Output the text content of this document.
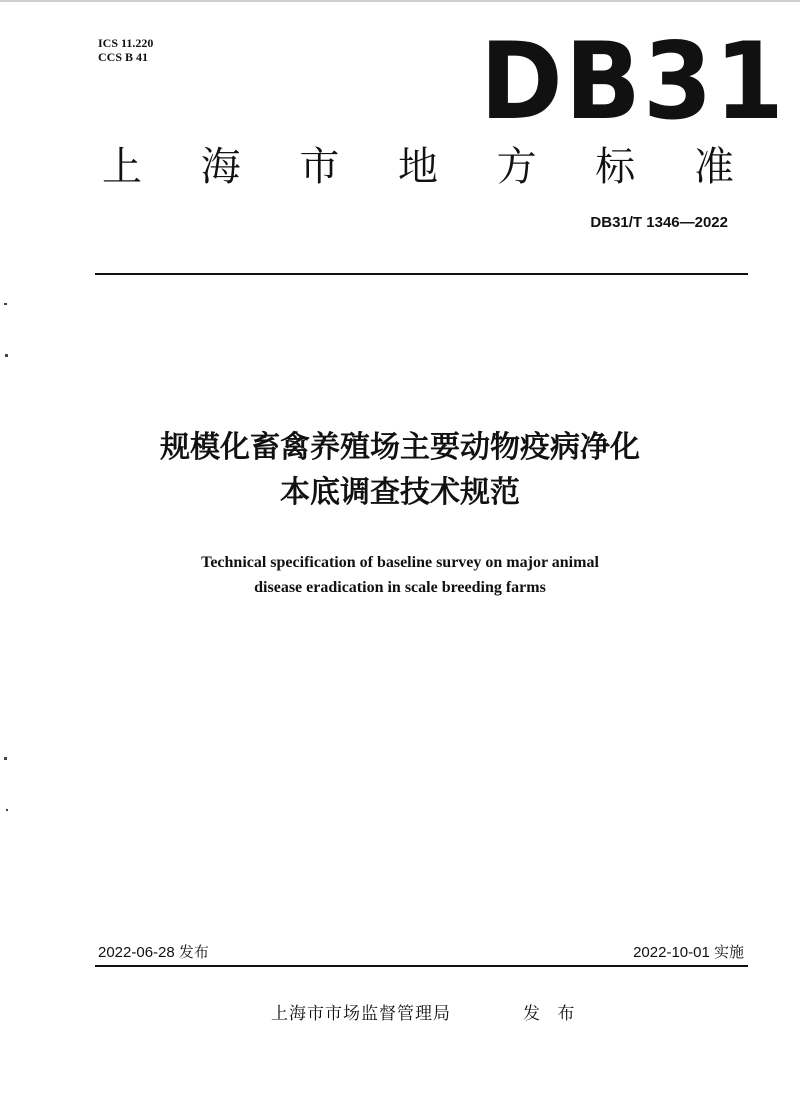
ICS 11.220
CCS B 41	DB31
上 海 市 地 方 标 准
DB31/T 1346—2022
规模化畜禽养殖场主要动物疫病净化
本底调查技术规范
Technical specification of baseline survey on major animal
disease eradication in scale breeding farms
2022-06-28 发布	2022-10-01 实施
上海市市场监督管理局	发 布
